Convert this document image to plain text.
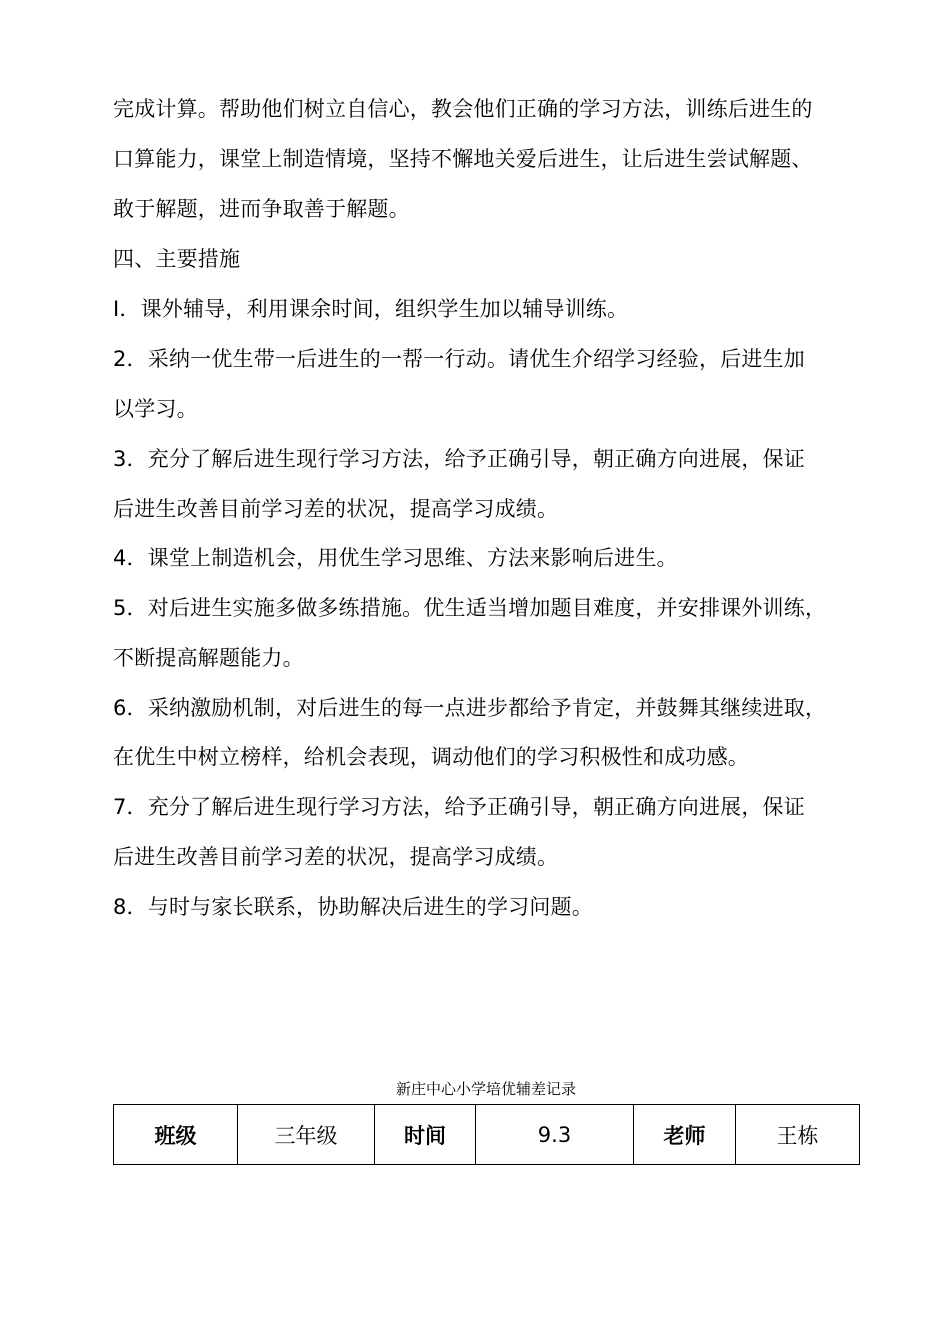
完成计算。帮助他们树立自信心，教会他们正确的学习方法，训练后进生的
口算能力，课堂上制造情境，坚持不懈地关爱后进生，让后进生尝试解题、
敢于解题，进而争取善于解题。
四、主要措施
I．课外辅导，利用课余时间，组织学生加以辅导训练。
2．采纳一优生带一后进生的一帮一行动。请优生介绍学习经验，后进生加
以学习。
3．充分了解后进生现行学习方法，给予正确引导，朝正确方向进展，保证
后进生改善目前学习差的状况，提高学习成绩。
4．课堂上制造机会，用优生学习思维、方法来影响后进生。
5．对后进生实施多做多练措施。优生适当增加题目难度，并安排课外训练，
不断提高解题能力。
6．采纳激励机制，对后进生的每一点进步都给予肯定，并鼓舞其继续进取，
在优生中树立榜样，给机会表现，调动他们的学习积极性和成功感。
7．充分了解后进生现行学习方法，给予正确引导，朝正确方向进展，保证
后进生改善目前学习差的状况，提高学习成绩。
8．与时与家长联系，协助解决后进生的学习问题。
新庄中心小学培优辅差记录
班级	三年级	时间	9.3	老师	王栋
